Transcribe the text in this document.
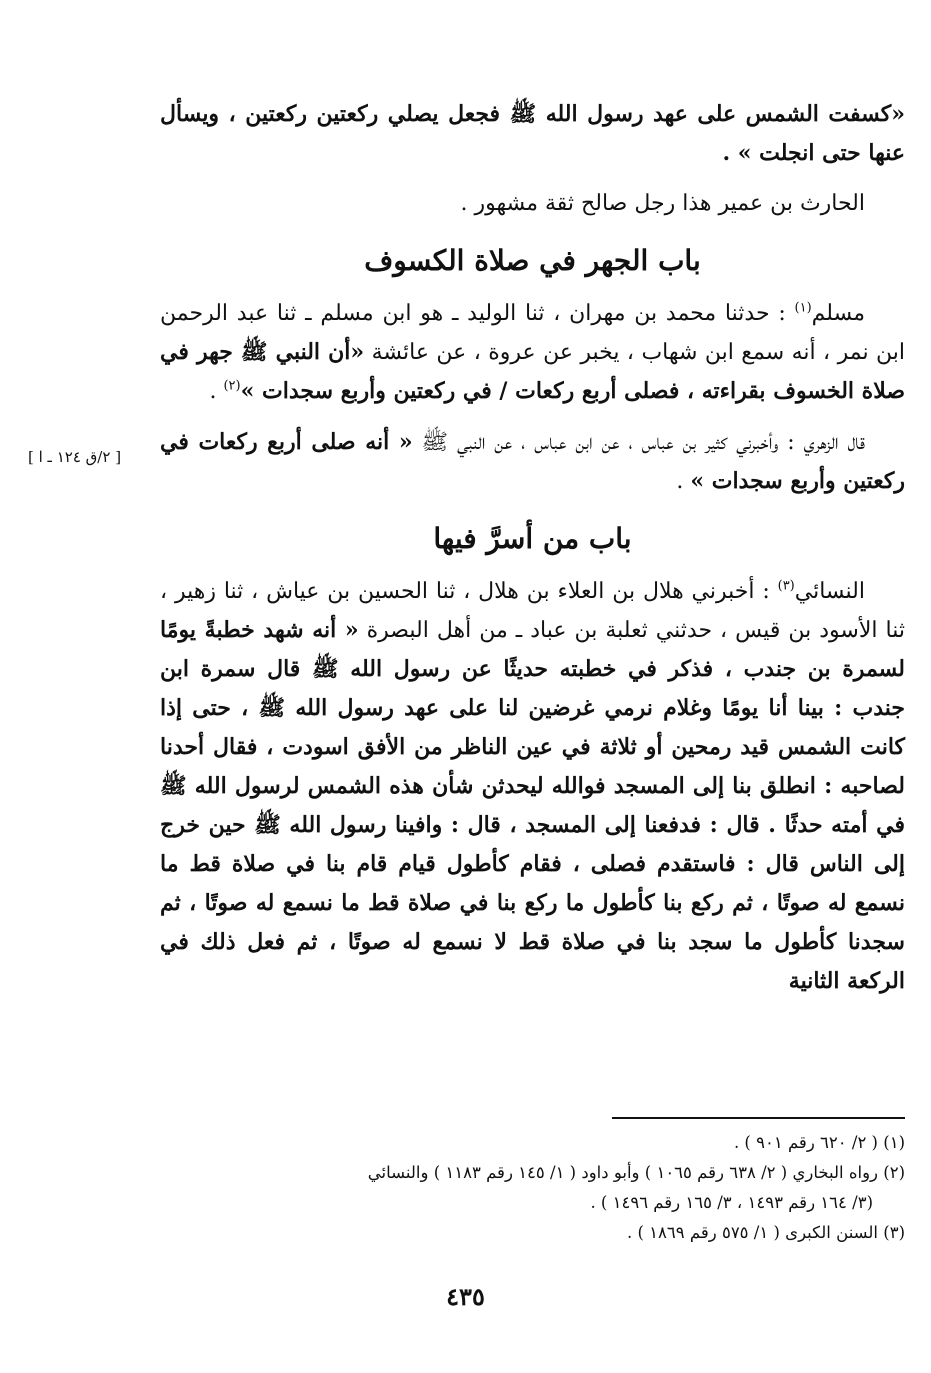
«كسفت الشمس على عهد رسول الله ﷺ فجعل يصلي ركعتين ركعتين ، ويسأل عنها حتى انجلت » .

الحارث بن عمير هذا رجل صالح ثقة مشهور .

باب الجهر في صلاة الكسوف

مسلم$^{(١)}$ : حدثنا محمد بن مهران ، ثنا الوليد ـ هو ابن مسلم ـ ثنا عبد الرحمن ابن نمر ، أنه سمع ابن شهاب ، يخبر عن عروة ، عن عائشة «أن النبي ﷺ جهر في صلاة الخسوف بقراءته ، فصلى أربع ركعات / في ركعتين وأربع سجدات »$^{(٢)}$ .

قال الزهري : وأخبرني كثير بن عباس ، عن ابن عباس ، عن النبي ﷺ « أنه صلى أربع ركعات في ركعتين وأربع سجدات » .

باب من أسرَّ فيها

النسائي$^{(٣)}$ : أخبرني هلال بن العلاء بن هلال ، ثنا الحسين بن عياش ، ثنا زهير ، ثنا الأسود بن قيس ، حدثني ثعلبة بن عباد ـ من أهل البصرة « أنه شهد خطبةً يومًا لسمرة بن جندب ، فذكر في خطبته حديثًا عن رسول الله ﷺ قال سمرة ابن جندب : بينا أنا يومًا وغلام نرمي غرضين لنا على عهد رسول الله ﷺ ، حتى إذا كانت الشمس قيد رمحين أو ثلاثة في عين الناظر من الأفق اسودت ، فقال أحدنا لصاحبه : انطلق بنا إلى المسجد فوالله ليحدثن شأن هذه الشمس لرسول الله ﷺ في أمته حدثًا . قال : فدفعنا إلى المسجد ، قال : وافينا رسول الله ﷺ حين خرج إلى الناس قال : فاستقدم فصلى ، فقام كأطول قيام قام بنا في صلاة قط ما نسمع له صوتًا ، ثم ركع بنا كأطول ما ركع بنا في صلاة قط ما نسمع له صوتًا ، ثم سجدنا كأطول ما سجد بنا في صلاة قط لا نسمع له صوتًا ، ثم فعل ذلك في الركعة الثانية

[ ٢/ق ١٢٤ ـ ا ]

(١) ( ٢/ ٦٢٠ رقم ٩٠١ ) .

(٢) رواه البخاري ( ٢/ ٦٣٨ رقم ١٠٦٥ ) وأبو داود ( ١/ ١٤٥ رقم ١١٨٣ ) والنسائي

(٣/ ١٦٤ رقم ١٤٩٣ ، ٣/ ١٦٥ رقم ١٤٩٦ ) .

(٣) السنن الكبرى ( ١/ ٥٧٥ رقم ١٨٦٩ ) .

٤٣٥
